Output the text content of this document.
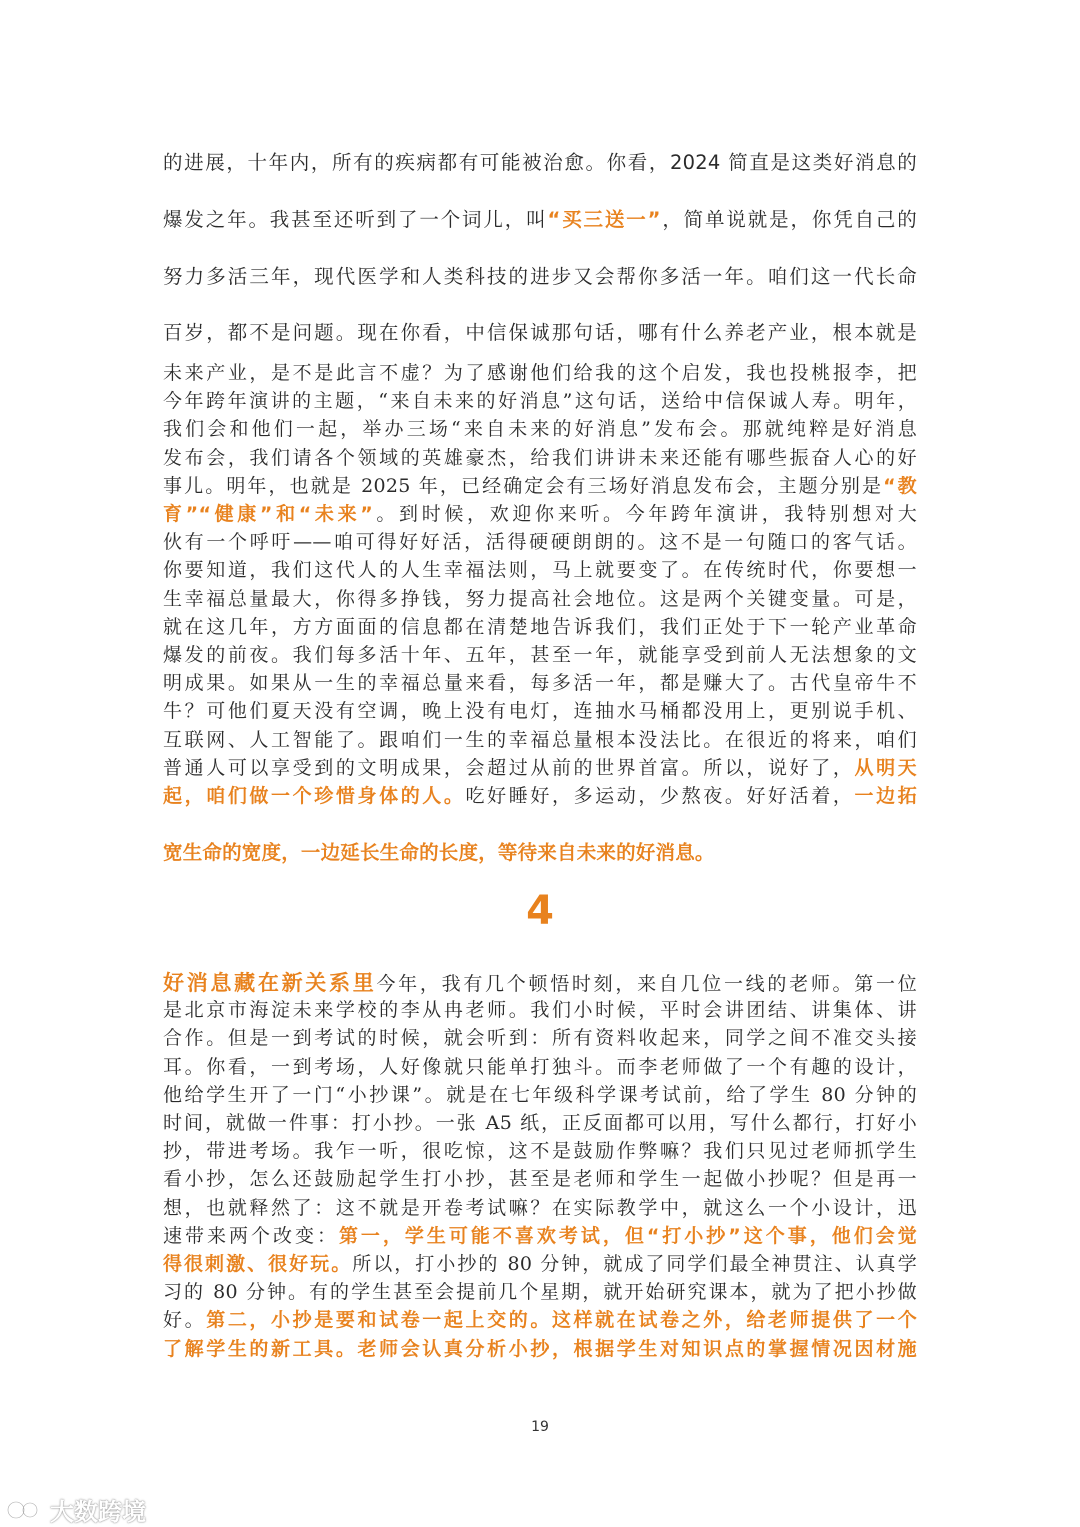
的进展，十年内，所有的疾病都有可能被治愈。你看，2024 简直是这类好消息的
爆发之年。我甚至还听到了一个词儿，叫“买三送一”，简单说就是，你凭自己的
努力多活三年，现代医学和人类科技的进步又会帮你多活一年。咱们这一代长命
百岁，都不是问题。现在你看，中信保诚那句话，哪有什么养老产业，根本就是
未来产业，是不是此言不虚？为了感谢他们给我的这个启发，我也投桃报李，把
今年跨年演讲的主题，“来自未来的好消息”这句话，送给中信保诚人寿。明年，
我们会和他们一起，举办三场“来自未来的好消息”发布会。那就纯粹是好消息
发布会，我们请各个领域的英雄豪杰，给我们讲讲未来还能有哪些振奋人心的好
事儿。明年，也就是 2025 年，已经确定会有三场好消息发布会，主题分别是“教
育”“健康”和“未来”。到时候，欢迎你来听。今年跨年演讲，我特别想对大
伙有一个呼吁——咱可得好好活，活得硬硬朗朗的。这不是一句随口的客气话。
你要知道，我们这代人的人生幸福法则，马上就要变了。在传统时代，你要想一
生幸福总量最大，你得多挣钱，努力提高社会地位。这是两个关键变量。可是，
就在这几年，方方面面的信息都在清楚地告诉我们，我们正处于下一轮产业革命
爆发的前夜。我们每多活十年、五年，甚至一年，就能享受到前人无法想象的文
明成果。如果从一生的幸福总量来看，每多活一年，都是赚大了。古代皇帝牛不
牛？可他们夏天没有空调，晚上没有电灯，连抽水马桶都没用上，更别说手机、
互联网、人工智能了。跟咱们一生的幸福总量根本没法比。在很近的将来，咱们
普通人可以享受到的文明成果，会超过从前的世界首富。所以，说好了，从明天
起，咱们做一个珍惜身体的人。吃好睡好，多运动，少熬夜。好好活着，一边拓
宽生命的宽度，一边延长生命的长度，等待来自未来的好消息。
4
好消息藏在新关系里今年，我有几个顿悟时刻，来自几位一线的老师。第一位
是北京市海淀未来学校的李从冉老师。我们小时候，平时会讲团结、讲集体、讲
合作。但是一到考试的时候，就会听到：所有资料收起来，同学之间不准交头接
耳。你看，一到考场，人好像就只能单打独斗。而李老师做了一个有趣的设计，
他给学生开了一门“小抄课”。就是在七年级科学课考试前，给了学生 80 分钟的
时间，就做一件事：打小抄。一张 A5 纸，正反面都可以用，写什么都行，打好小
抄，带进考场。我乍一听，很吃惊，这不是鼓励作弊嘛？我们只见过老师抓学生
看小抄，怎么还鼓励起学生打小抄，甚至是老师和学生一起做小抄呢？但是再一
想，也就释然了：这不就是开卷考试嘛？在实际教学中，就这么一个小设计，迅
速带来两个改变：第一，学生可能不喜欢考试，但“打小抄”这个事，他们会觉
得很刺激、很好玩。所以，打小抄的 80 分钟，就成了同学们最全神贯注、认真学
习的 80 分钟。有的学生甚至会提前几个星期，就开始研究课本，就为了把小抄做
好。第二，小抄是要和试卷一起上交的。这样就在试卷之外，给老师提供了一个
了解学生的新工具。老师会认真分析小抄，根据学生对知识点的掌握情况因材施
19
大数跨境
